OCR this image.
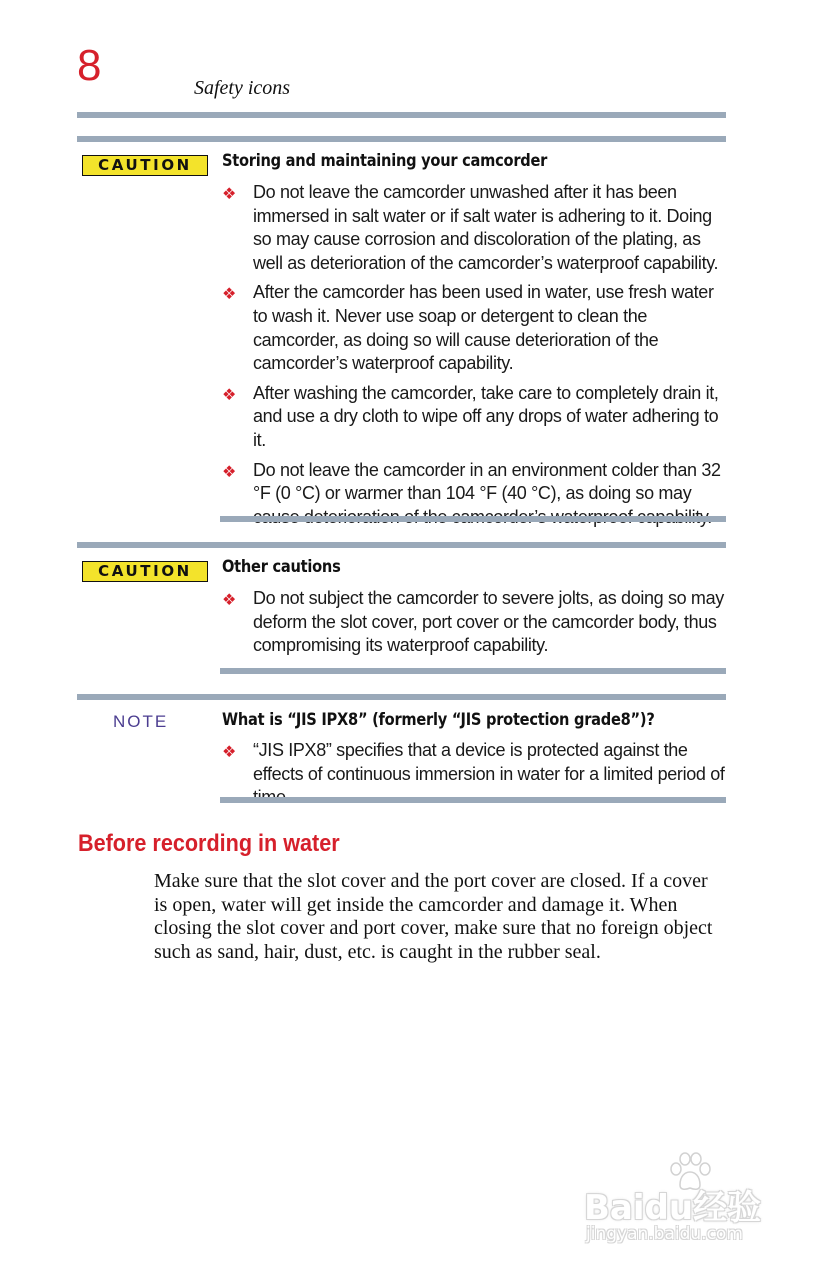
8	Safety icons
CAUTION	Storing and maintaining your camcorder
❖ Do not leave the camcorder unwashed after it has been immersed in salt water or if salt water is adhering to it. Doing so may cause corrosion and discoloration of the plating, as well as deterioration of the camcorder’s waterproof capability.
❖ After the camcorder has been used in water, use fresh water to wash it. Never use soap or detergent to clean the camcorder, as doing so will cause deterioration of the camcorder’s waterproof capability.
❖ After washing the camcorder, take care to completely drain it, and use a dry cloth to wipe off any drops of water adhering to it.
❖ Do not leave the camcorder in an environment colder than 32 °F (0 °C) or warmer than 104 °F (40 °C), as doing so may
CAUTION	Other cautions
❖ Do not subject the camcorder to severe jolts, as doing so may deform the slot cover, port cover or the camcorder body, thus compromising its waterproof capability.
NOTE	What is “JIS IPX8” (formerly “JIS protection grade8”)?
❖ “JIS IPX8” specifies that a device is protected against the effects of continuous immersion in water for a limited period of
Before recording in water

Make sure that the slot cover and the port cover are closed. If a cover is open, water will get inside the camcorder and damage it. When closing the slot cover and port cover, make sure that no foreign object such as sand, hair, dust, etc. is caught in the rubber seal.

Baidu经验
jingyan.baidu.com
